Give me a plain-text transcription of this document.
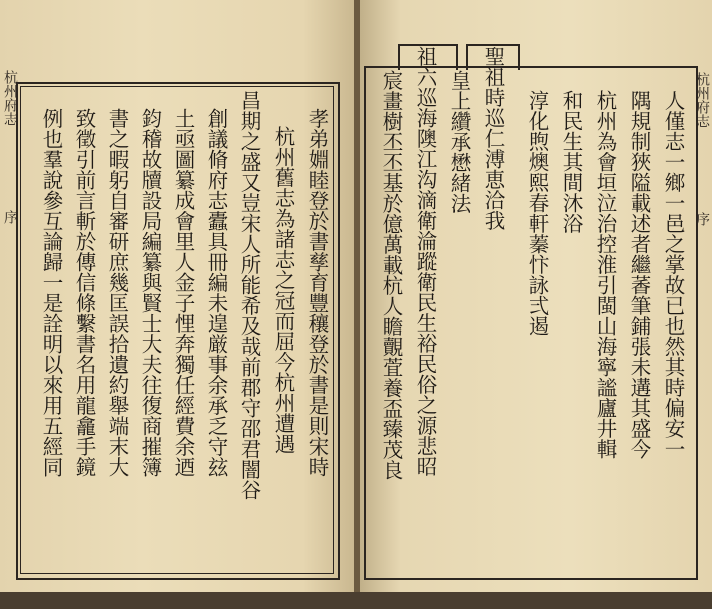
杭州府志
序
杭州府志
序
孝弟婣睦登於書孳育豐穰登於書是則宋時
杭州舊志為諸志之冠而屈今杭州遭遇
昌期之盛又豈宋人所能希及哉前郡守邵君闇谷
創議脩府志蠹具冊編未遑厳事余承乏守玆
土亟圖纂成會里人金子悝奔獨任經費余迺
鈞稽故牘設局編纂與賢士大夫往復商摧簿
書之暇躬自審研庶幾匡誤拾遺約舉端末大
致徵引前言斬於傳信條繫書名用龍龕手鏡
例也羣說參互論歸一是詮明以來用五經同	人僅志一鄉一邑之掌故已也然其時偏安一
隅規制狹隘載述者繼萫筆鋪張未遘其盛今
杭州為會垣泣治控淮引閩山海寧謐廬井輯
和民生其間沐浴
淳化煦燠熙春軒蓁忭詠弍遏
聖祖時巡仁溥恵洽我
皇上纘承懋緒法
祖六巡海隩江沟滴衛淪蹤衛民生裕民俗之源悲昭
宸畫樹丕丕基於億萬載杭人瞻覿萓養盃臻茂良
